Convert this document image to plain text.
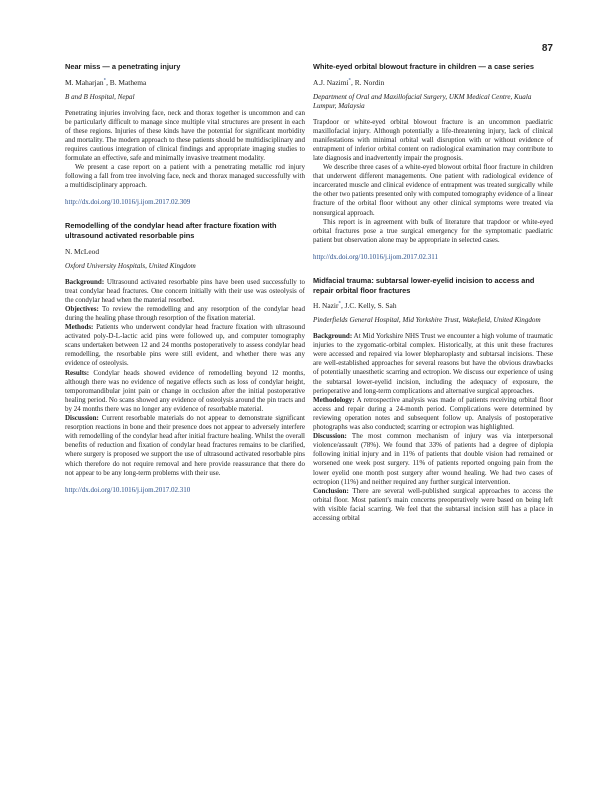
87
Near miss — a penetrating injury
M. Maharjan*, B. Mathema
B and B Hospital, Nepal

Penetrating injuries involving face, neck and thorax together is uncommon and can be particularly difficult to manage since multiple vital structures are present in each of these regions. Injuries of these kinds have the potential for significant morbidity and mortality. The modern approach to these patients should be multidisciplinary and requires cautious integration of clinical findings and appropriate imaging studies to formulate an effective, safe and minimally invasive treatment modality.

We present a case report on a patient with a penetrating metallic rod injury following a fall from tree involving face, neck and thorax managed successfully with a multidisciplinary approach.

http://dx.doi.org/10.1016/j.ijom.2017.02.309
Remodelling of the condylar head after fracture fixation with ultrasound activated resorbable pins
N. McLeod
Oxford University Hospitals, United Kingdom

Background: Ultrasound activated resorbable pins have been used successfully to treat condylar head fractures. One concern initially with their use was osteolysis of the condylar head when the material resorbed.

Objectives: To review the remodelling and any resorption of the condylar head during the healing phase through resorption of the fixation material.

Methods: Patients who underwent condylar head fracture fixation with ultrasound activated poly-D-L-lactic acid pins were followed up, and computer tomography scans undertaken between 12 and 24 months postoperatively to assess condylar head remodelling, the resorbable pins were still evident, and whether there was any evidence of osteolysis.

Results: Condylar heads showed evidence of remodelling beyond 12 months, although there was no evidence of negative effects such as loss of condylar height, temporomandibular joint pain or change in occlusion after the initial postoperative healing period. No scans showed any evidence of osteolysis around the pin tracts and by 24 months there was no longer any evidence of resorbable material.

Discussion: Current resorbable materials do not appear to demonstrate significant resorption reactions in bone and their presence does not appear to adversely interfere with remodelling of the condylar head after initial fracture healing. Whilst the overall benefits of reduction and fixation of condylar head fractures remains to be clarified, where surgery is proposed we support the use of ultrasound activated resorbable pins which therefore do not require removal and here provide reassurance that there do not appear to be any long-term problems with their use.

http://dx.doi.org/10.1016/j.ijom.2017.02.310
White-eyed orbital blowout fracture in children — a case series
A.J. Nazimi*, R. Nordin
Department of Oral and Maxillofacial Surgery, UKM Medical Centre, Kuala Lumpur, Malaysia

Trapdoor or white-eyed orbital blowout fracture is an uncommon paediatric maxillofacial injury. Although potentially a life-threatening injury, lack of clinical manifestations with minimal orbital wall disruption with or without evidence of entrapment of inferior orbital content on radiological examination may contribute to late diagnosis and inadvertently impair the prognosis.

We describe three cases of a white-eyed blowout orbital floor fracture in children that underwent different managements. One patient with radiological evidence of incarcerated muscle and clinical evidence of entrapment was treated surgically while the other two patients presented only with computed tomography evidence of a linear fracture of the orbital floor without any other clinical symptoms were treated via nonsurgical approach.

This report is in agreement with bulk of literature that trapdoor or white-eyed orbital fractures pose a true surgical emergency for the symptomatic paediatric patient but observation alone may be appropriate in selected cases.

http://dx.doi.org/10.1016/j.ijom.2017.02.311
Midfacial trauma: subtarsal lower-eyelid incision to access and repair orbital floor fractures
H. Nazir*, J.C. Kelly, S. Sah
Pinderfields General Hospital, Mid Yorkshire Trust, Wakefield, United Kingdom

Background: At Mid Yorkshire NHS Trust we encounter a high volume of traumatic injuries to the zygomatic-orbital complex. Historically, at this unit these fractures were accessed and repaired via lower blepharoplasty and subtarsal incisions. These are well-established approaches for several reasons but have the obvious drawbacks of potentially unaesthetic scarring and ectropion. We discuss our experience of using the subtarsal lower-eyelid incision, including the adequacy of exposure, the perioperative and long-term complications and alternative surgical approaches.

Methodology: A retrospective analysis was made of patients receiving orbital floor access and repair during a 24-month period. Complications were determined by reviewing operation notes and subsequent follow up. Analysis of postoperative photographs was also conducted; scarring or ectropion was highlighted.

Discussion: The most common mechanism of injury was via interpersonal violence/assault (78%). We found that 33% of patients had a degree of diplopia following initial injury and in 11% of patients that double vision had remained or worsened one week post surgery. 11% of patients reported ongoing pain from the lower eyelid one month post surgery after wound healing. We had two cases of ectropion (11%) and neither required any further surgical intervention.

Conclusion: There are several well-published surgical approaches to access the orbital floor. Most patient's main concerns preoperatively were based on being left with visible facial scarring. We feel that the subtarsal incision still has a place in accessing orbital
